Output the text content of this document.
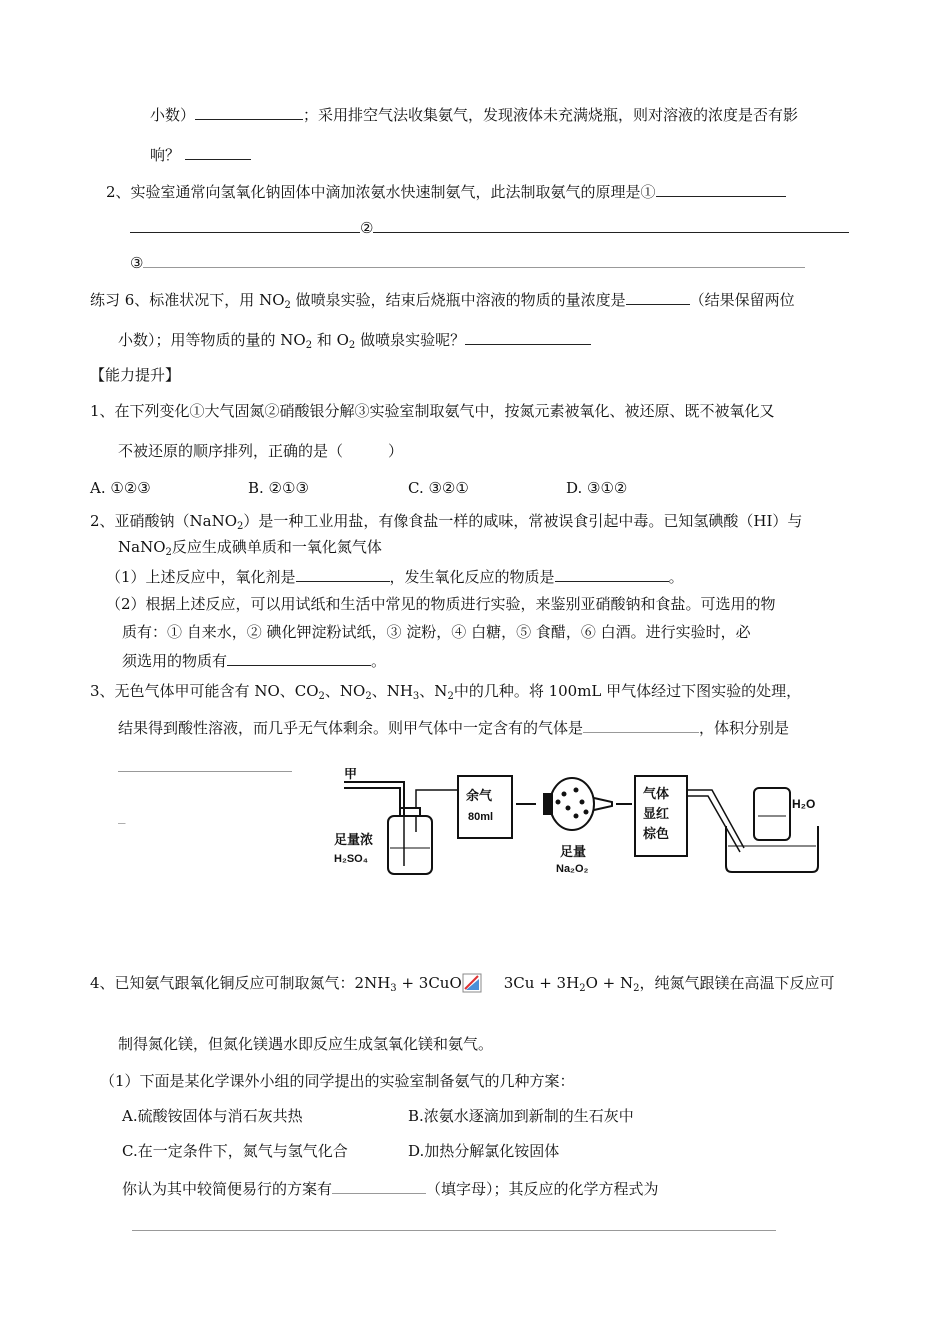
小数）	；采用排空气法收集氨气，发现液体未充满烧瓶，则对溶液的浓度是否有影
响？
2、实验室通常向氢氧化钠固体中滴加浓氨水快速制氨气，此法制取氨气的原理是①
②
③
练习 6、标准状况下，用 $NO_2$ 做喷泉实验，结束后烧瓶中溶液的物质的量浓度是	（结果保留两位
小数）；用等物质的量的 $NO_2$ 和 $O_2$ 做喷泉实验呢？
【能力提升】
1、在下列变化①大气固氮②硝酸银分解③实验室制取氨气中，按氮元素被氧化、被还原、既不被氧化又
不被还原的顺序排列，正确的是（　　　）
A. ①②③	B. ②①③	C. ③②①	D. ③①②
2、亚硝酸钠（NaNO$_2$）是一种工业用盐，有像食盐一样的咸味，常被误食引起中毒。已知氢碘酸（HI）与
NaNO$_2$反应生成碘单质和一氧化氮气体
（1）上述反应中，氧化剂是	，发生氧化反应的物质是	。
（2）根据上述反应，可以用试纸和生活中常见的物质进行实验，来鉴别亚硝酸钠和食盐。可选用的物
质有：① 自来水，② 碘化钾淀粉试纸，③ 淀粉，④ 白糖，⑤ 食醋，⑥ 白酒。进行实验时，必
须选用的物质有	。
3、无色气体甲可能含有 NO、$CO_2$、$NO_2$、$NH_3$、$N_2$中的几种。将 100mL 甲气体经过下图实验的处理，
结果得到酸性溶液，而几乎无气体剩余。则甲气体中一定含有的气体是	，体积分别是
_
甲
足量浓
H₂SO₄
余气
80ml
足量
Na₂O₂
气体
显红
棕色
H₂O
4、已知氨气跟氧化铜反应可制取氮气：$2NH_3 + 3CuO$	$3Cu + 3H_2O + N_2$，纯氮气跟镁在高温下反应可
制得氮化镁，但氮化镁遇水即反应生成氢氧化镁和氨气。
（1）下面是某化学课外小组的同学提出的实验室制备氨气的几种方案：
A.硫酸铵固体与消石灰共热	B.浓氨水逐滴加到新制的生石灰中
C.在一定条件下，氮气与氢气化合	D.加热分解氯化铵固体
你认为其中较简便易行的方案有	（填字母）；其反应的化学方程式为
